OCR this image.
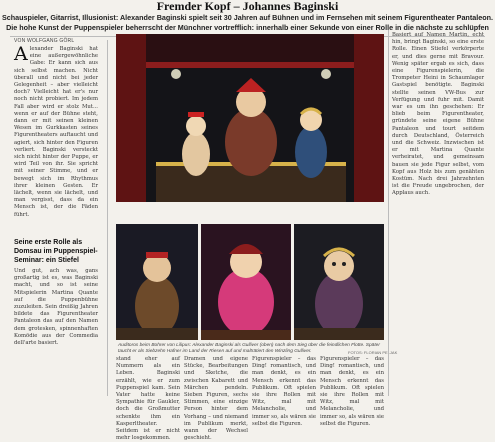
Fremder Kopf – Johannes Baginski
Schauspieler, Gitarrist, Illusionist: Alexander Baginski spielt seit 30 Jahren auf Bühnen und im Fernsehen mit seinem Figurentheater Pantaleon.
Die hohe Kunst der Puppenspieler beherrscht der Münchner vortrefflich: innerhalb einer Sekunde von einer Rolle in die nächste zu schlüpfen
VON WOLFGANG GÖRL
A lexander Baginski hat eine außergewöhnliche Gabe: Er kann sich aus sich selbst machen. Nicht überall und nicht bei jeder Gelegenheit – aber vielleicht doch? Vielleicht hat er's nur noch nicht probiert. Im jedem Fall aber wird er stolz Mut... wenn er auf der Bühne steht, dann er mit seinen kleinen Wesen im Gurkkasten seines Figurentheaters auftaucht und agiert, sich hinter den Figuren verliert. Baginski versteckt sich nicht hinter der Puppe, er wird Teil von ihr. Sie spricht mit seiner Stimme, und er bewegt sich im Rhythmus ihrer kleinen Gesten. Er lächelt, wenn sie lächelt, und man vergisst, dass da ein Mensch ist, der die Fäden führt.
Seine erste Rolle als Domsau im Puppenspiel-Seminar: ein Stiefel
Und gut, ach was, gans großartig ist es, was Baginski macht, und so ist seine Mitspielerin Martina Quante auf die Puppenbühne zuzuleiten. Sein dreißig Jahren bildete das Figurentheater Pantaleon das auf den Namen dem grotesken, spinnenhaften Komödie aus der Commedia dell'arte basiert.	Auditoros beim Bohrer von Lilipus: Alexander Baginski als Gulliver (oben) nach dem Sieg über die feindlichen Flotte. Später taucht er als Siebzehn Hafner im Land der Riesen auf und malträtiert den Winzling Gulliver.	FOTOS: FLORIAN PELJAK
stand eher auf Nummern als ein Leben. Baginski erzählt, wie er zum Puppenspiel kam. Sein Vater hatte keine Sympathie für Gaukler, doch die Großmutter schenkte ihm ein Kasperltheater. Seitdem ist er nicht mehr losgekommen.
Dramen und eigene Stücke, Bearbeitungen und Sketche, die zwischen Kabarett und Märchen pendeln. Sieben Figuren, sechs Stimmen, eine einzige Person hinter dem Vorhang – und niemand im Publikum merkt, wann der Wechsel geschieht.
Figurenspieler – das Ding! romantisch, und man denkt, es ein Mensch erkennt das Publikum. Oft spielen sie ihre Rollen mit Witz, mal mit Melancholie, und immer so, als wären sie selbst die Figuren.
Figurenspieler – das Ding! romantisch, und man denkt, es ein Mensch erkennt das Publikum. Oft spielen sie ihre Rollen mit Witz, mal mit Melancholie, und immer so, als wären sie selbst die Figuren.
Basiert auf Namen Martin, echt hin, bringt Baginski, so eine erste Rolle. Einen Stiefel verkörperte er, und dies gerne mit Bravour. Wenig später ergab es sich, dass eine Figurenspielerin, die Trompeter Heini in Schaumlager Gastspiel benötigte. Baginski stellte seinen VW-Bus zur Verfügung und fuhr mit. Damit war es um ihn geschehen: Er blieb beim Figurentheater, gründete seine eigene Bühne Pantaleon und tourt seitdem durch Deutschland, Österreich und die Schweiz. Inzwischen ist er mit Martina Quante verheiratet, und gemeinsam bauen sie jede Figur selbst, vom Kopf aus Holz bis zum genähten Kostüm. Nach drei Jahrzehnten ist die Freude ungebrochen, der Applaus auch.
